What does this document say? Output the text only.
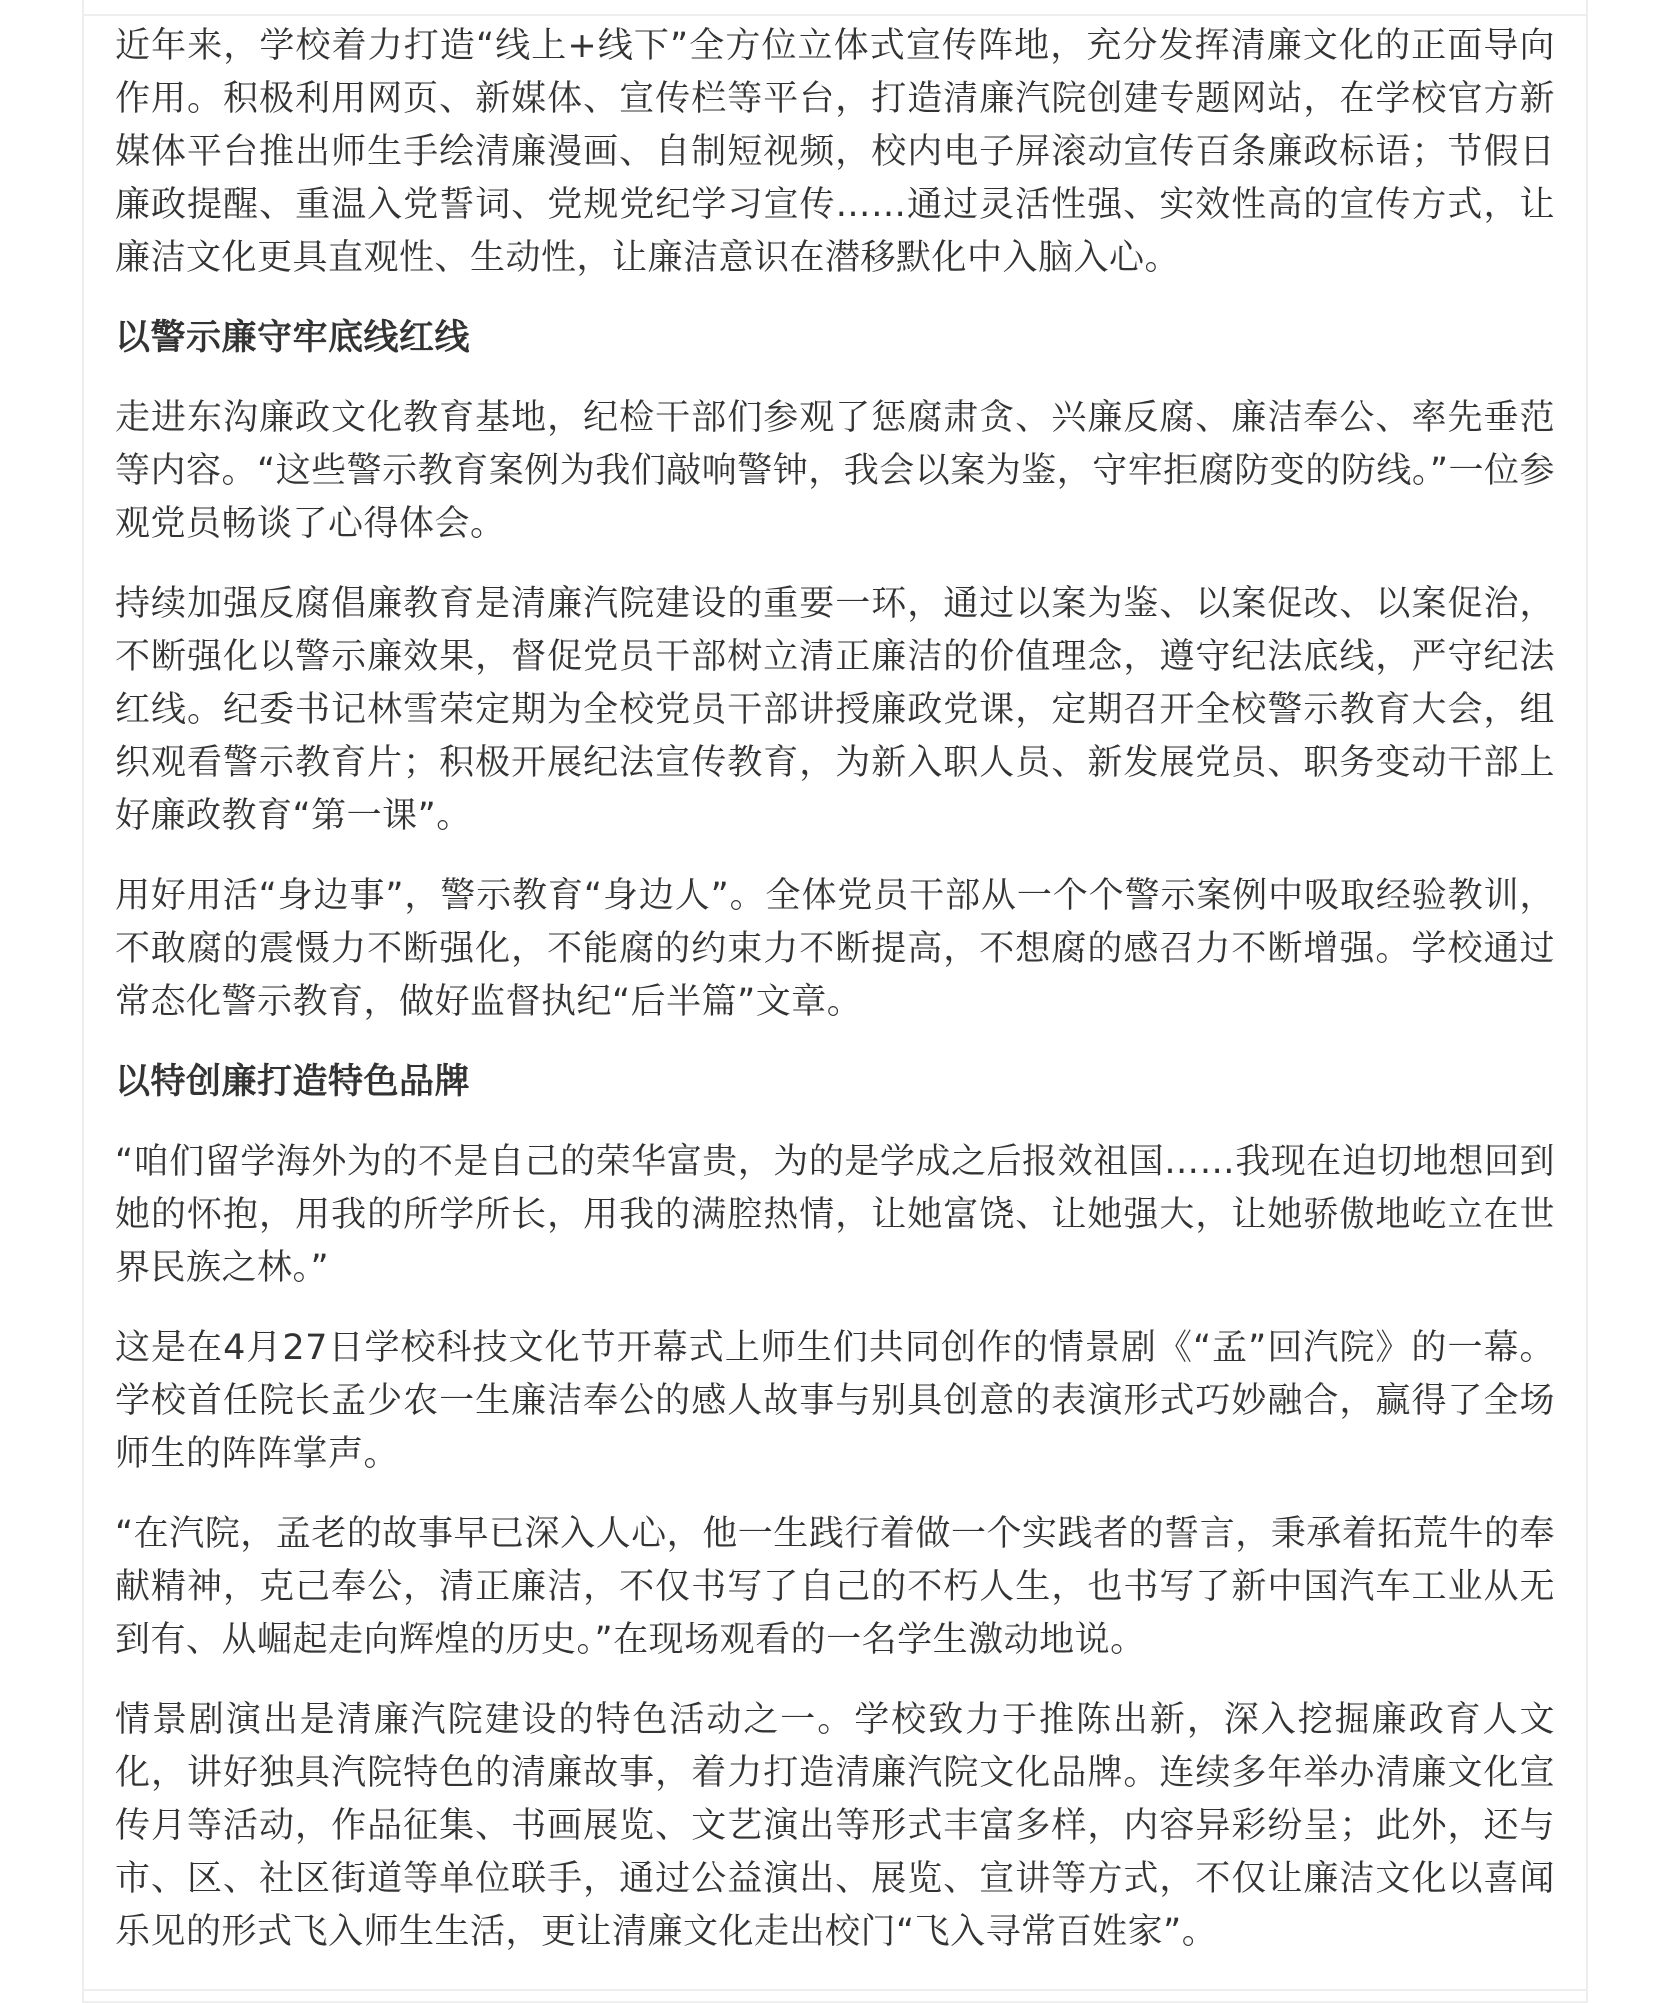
近年来，学校着力打造“线上+线下”全方位立体式宣传阵地，充分发挥清廉文化的正面导向作用。积极利用网页、新媒体、宣传栏等平台，打造清廉汽院创建专题网站，在学校官方新媒体平台推出师生手绘清廉漫画、自制短视频，校内电子屏滚动宣传百条廉政标语；节假日廉政提醒、重温入党誓词、党规党纪学习宣传……通过灵活性强、实效性高的宣传方式，让廉洁文化更具直观性、生动性，让廉洁意识在潜移默化中入脑入心。

以警示廉守牢底线红线

走进东沟廉政文化教育基地，纪检干部们参观了惩腐肃贪、兴廉反腐、廉洁奉公、率先垂范等内容。“这些警示教育案例为我们敲响警钟，我会以案为鉴，守牢拒腐防变的防线。”一位参观党员畅谈了心得体会。

持续加强反腐倡廉教育是清廉汽院建设的重要一环，通过以案为鉴、以案促改、以案促治，不断强化以警示廉效果，督促党员干部树立清正廉洁的价值理念，遵守纪法底线，严守纪法红线。纪委书记林雪荣定期为全校党员干部讲授廉政党课，定期召开全校警示教育大会，组织观看警示教育片；积极开展纪法宣传教育，为新入职人员、新发展党员、职务变动干部上好廉政教育“第一课”。

用好用活“身边事”，警示教育“身边人”。全体党员干部从一个个警示案例中吸取经验教训，不敢腐的震慑力不断强化，不能腐的约束力不断提高，不想腐的感召力不断增强。学校通过常态化警示教育，做好监督执纪“后半篇”文章。

以特创廉打造特色品牌

“咱们留学海外为的不是自己的荣华富贵，为的是学成之后报效祖国……我现在迫切地想回到她的怀抱，用我的所学所长，用我的满腔热情，让她富饶、让她强大，让她骄傲地屹立在世界民族之林。”

这是在4月27日学校科技文化节开幕式上师生们共同创作的情景剧《“孟”回汽院》的一幕。学校首任院长孟少农一生廉洁奉公的感人故事与别具创意的表演形式巧妙融合，赢得了全场师生的阵阵掌声。

“在汽院，孟老的故事早已深入人心，他一生践行着做一个实践者的誓言，秉承着拓荒牛的奉献精神，克己奉公，清正廉洁，不仅书写了自己的不朽人生，也书写了新中国汽车工业从无到有、从崛起走向辉煌的历史。”在现场观看的一名学生激动地说。

情景剧演出是清廉汽院建设的特色活动之一。学校致力于推陈出新，深入挖掘廉政育人文化，讲好独具汽院特色的清廉故事，着力打造清廉汽院文化品牌。连续多年举办清廉文化宣传月等活动，作品征集、书画展览、文艺演出等形式丰富多样，内容异彩纷呈；此外，还与市、区、社区街道等单位联手，通过公益演出、展览、宣讲等方式，不仅让廉洁文化以喜闻乐见的形式飞入师生生活，更让清廉文化走出校门“飞入寻常百姓家”。
